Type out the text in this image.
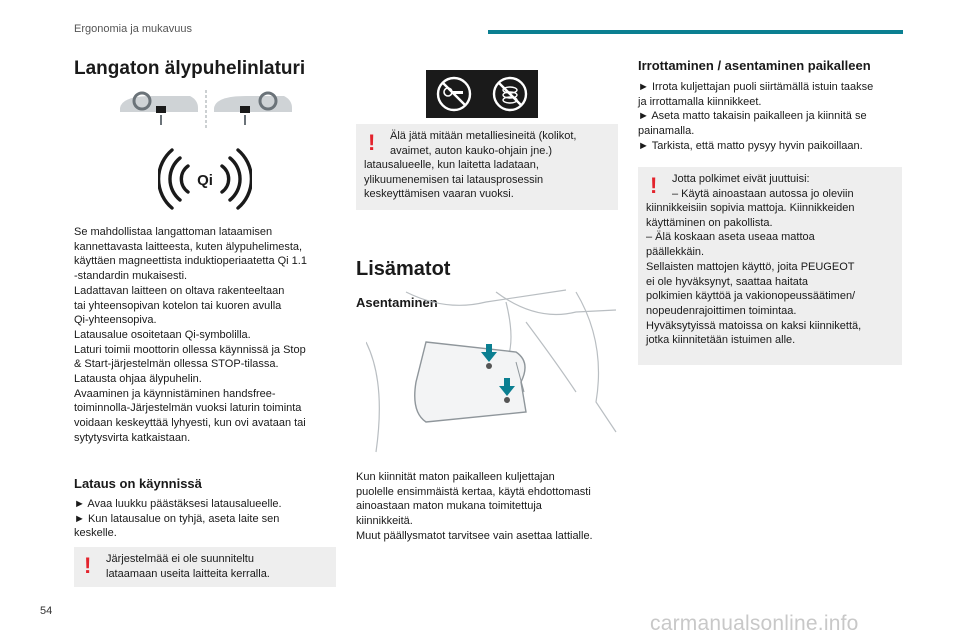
Ergonomia ja mukavuus
Langaton älypuhelinlaturi
Qi
Se mahdollistaa langattoman lataamisen
kannettavasta laitteesta, kuten älypuhelimesta,
käyttäen magneettista induktioperiaatetta Qi 1.1
-standardin mukaisesti.
Ladattavan laitteen on oltava rakenteeltaan
tai yhteensopivan kotelon tai kuoren avulla
Qi-yhteensopiva.
Latausalue osoitetaan Qi-symbolilla.
Laturi toimii moottorin ollessa käynnissä ja Stop
& Start-järjestelmän ollessa STOP-tilassa.
Latausta ohjaa älypuhelin.
Avaaminen ja käynnistäminen handsfree-
toiminnolla-Järjestelmän vuoksi laturin toiminta
voidaan keskeyttää lyhyesti, kun ovi avataan tai
sytytysvirta katkaistaan.
Lataus on käynnissä
► Avaa luukku päästäksesi latausalueelle.
► Kun latausalue on tyhjä, aseta laite sen
keskelle.
! Järjestelmää ei ole suunniteltu
lataamaan useita laitteita kerralla.
! Älä jätä mitään metalliesineitä (kolikot,
avaimet, auton kauko-ohjain jne.)
latausalueelle, kun laitetta ladataan,
ylikuumenemisen tai latausprosessin
keskeyttämisen vaaran vuoksi.
Lisämatot
Asentaminen
Kun kiinnität maton paikalleen kuljettajan
puolelle ensimmäistä kertaa, käytä ehdottomasti
ainoastaan maton mukana toimitettuja
kiinnikkeitä.
Muut päällysmatot tarvitsee vain asettaa lattialle.
Irrottaminen / asentaminen paikalleen
► Irrota kuljettajan puoli siirtämällä istuin taakse
ja irrottamalla kiinnikkeet.
► Aseta matto takaisin paikalleen ja kiinnitä se
painamalla.
► Tarkista, että matto pysyy hyvin paikoillaan.
! Jotta polkimet eivät juuttuisi:
– Käytä ainoastaan autossa jo oleviin
kiinnikkeisiin sopivia mattoja. Kiinnikkeiden
käyttäminen on pakollista.
– Älä koskaan aseta useaa mattoa
päällekkäin.
Sellaisten mattojen käyttö, joita PEUGEOT
ei ole hyväksynyt, saattaa haitata
polkimien käyttöä ja vakionopeussäätimen/
nopeudenrajoittimen toimintaa.
Hyväksytyissä matoissa on kaksi kiinnikettä,
jotka kiinnitetään istuimen alle.
54
carmanualsonline.info
